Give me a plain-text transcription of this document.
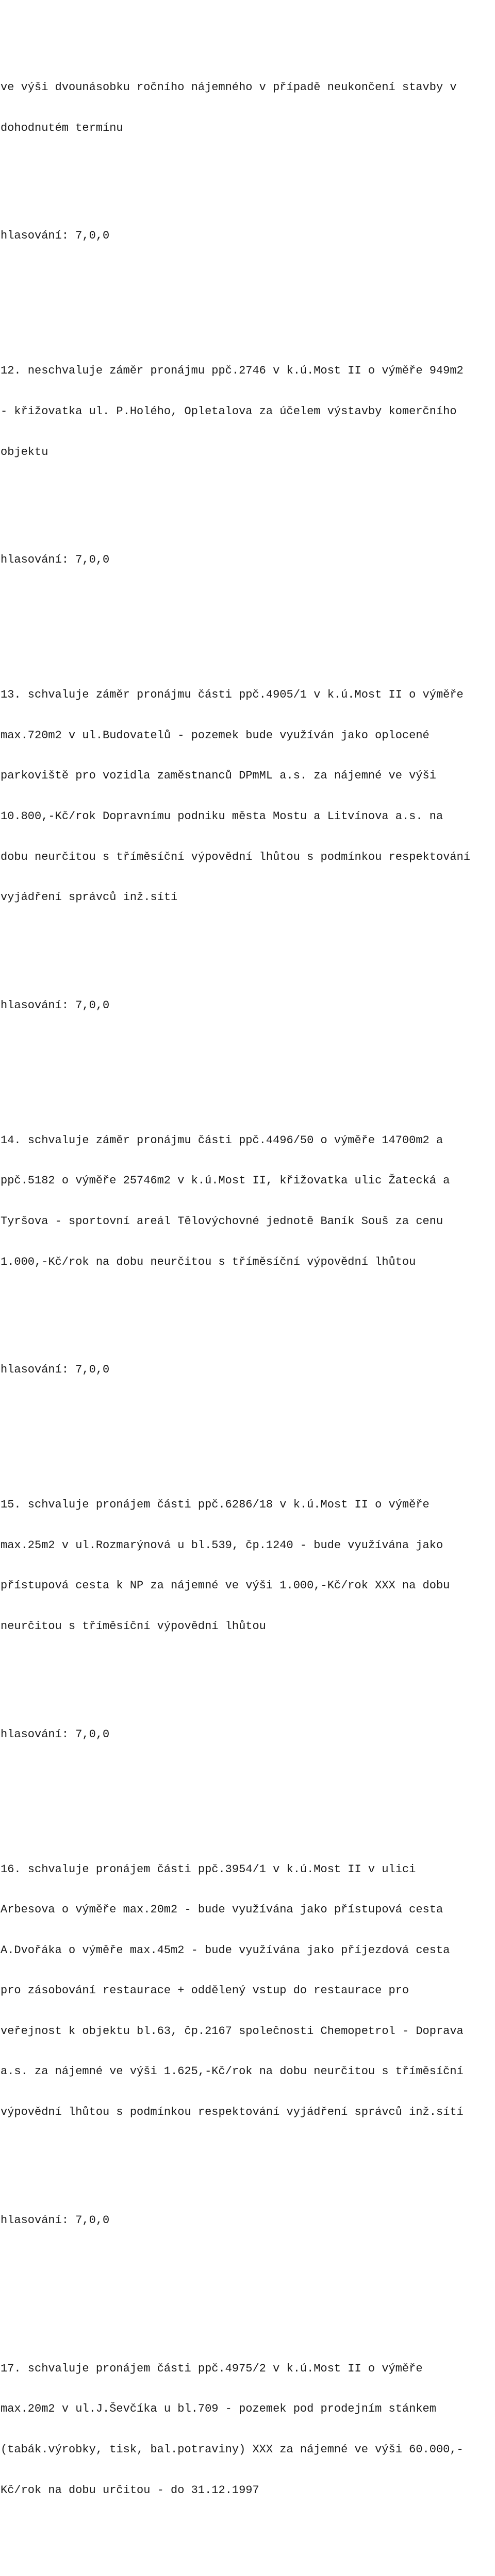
ve výši dvounásobku ročního nájemného v případě neukončení stavby v

dohodnutém termínu

hlasování: 7,0,0

12. neschvaluje záměr pronájmu ppč.2746 v k.ú.Most II o výměře 949m2

- křižovatka ul. P.Holého, Opletalova za účelem výstavby komerčního

objektu

hlasování: 7,0,0

13. schvaluje záměr pronájmu části ppč.4905/1 v k.ú.Most II o výměře

max.720m2 v ul.Budovatelů - pozemek bude využíván jako oplocené

parkoviště pro vozidla zaměstnanců DPmML a.s. za nájemné ve výši

10.800,-Kč/rok Dopravnímu podniku města Mostu a Litvínova a.s. na

dobu neurčitou s tříměsíční výpovědní lhůtou s podmínkou respektování

vyjádření správců inž.sítí

hlasování: 7,0,0

14. schvaluje záměr pronájmu části ppč.4496/50 o výměře 14700m2 a

ppč.5182 o výměře 25746m2 v k.ú.Most II, křižovatka ulic Žatecká a

Tyršova - sportovní areál Tělovýchovné jednotě Baník Souš za cenu

1.000,-Kč/rok na dobu neurčitou s tříměsíční výpovědní lhůtou

hlasování: 7,0,0

15. schvaluje pronájem části ppč.6286/18 v k.ú.Most II o výměře

max.25m2 v ul.Rozmarýnová u bl.539, čp.1240 - bude využívána jako

přístupová cesta k NP za nájemné ve výši 1.000,-Kč/rok XXX na dobu

neurčitou s tříměsíční výpovědní lhůtou

hlasování: 7,0,0

16. schvaluje pronájem části ppč.3954/1 v k.ú.Most II v ulici

Arbesova o výměře max.20m2 - bude využívána jako přístupová cesta

A.Dvořáka o výměře max.45m2 - bude využívána jako příjezdová cesta

pro zásobování restaurace + oddělený vstup do restaurace pro

veřejnost k objektu bl.63, čp.2167 společnosti Chemopetrol - Doprava

a.s. za nájemné ve výši 1.625,-Kč/rok na dobu neurčitou s tříměsíční

výpovědní lhůtou s podmínkou respektování vyjádření správců inž.sítí

hlasování: 7,0,0

17. schvaluje pronájem části ppč.4975/2 v k.ú.Most II o výměře

max.20m2 v ul.J.Ševčíka u bl.709 - pozemek pod prodejním stánkem

(tabák.výrobky, tisk, bal.potraviny) XXX za nájemné ve výši 60.000,-

Kč/rok na dobu určitou - do 31.12.1997
